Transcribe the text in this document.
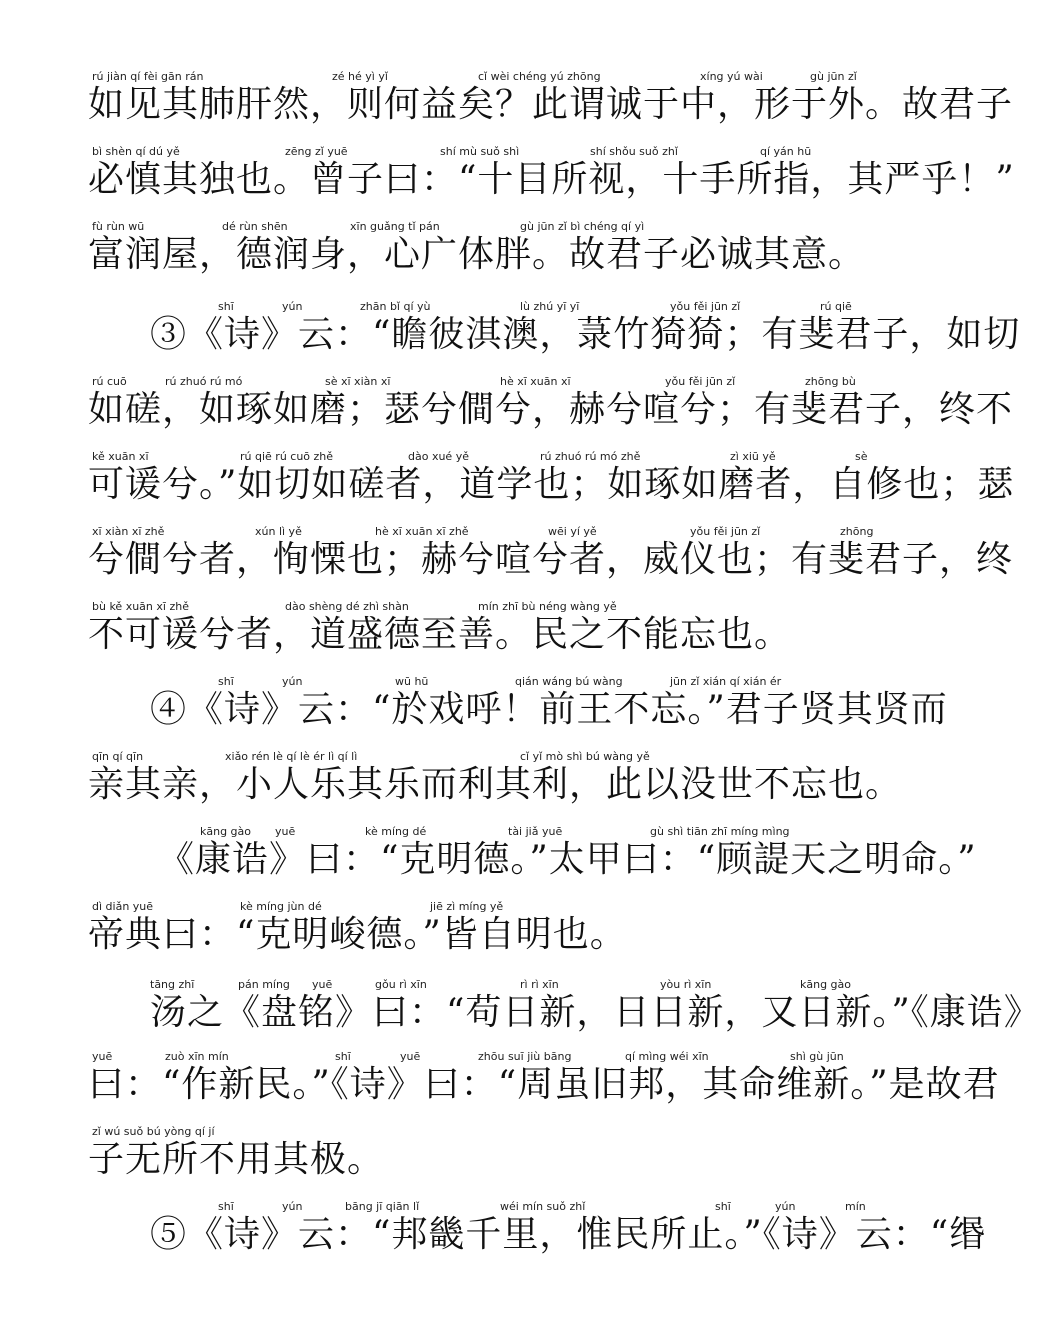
如见其肺肝然，则何益矣？此谓诚于中，形于外。故君子
必慎其独也。曾子曰：“十目所视，十手所指，其严乎！”
富润屋，德润身，心广体胖。故君子必诚其意。
③《诗》云：“瞻彼淇澳，菉竹猗猗；有斐君子，如切
如磋，如琢如磨；瑟兮僴兮，赫兮喧兮；有斐君子，终不
可谖兮。”如切如磋者，道学也；如琢如磨者，自修也；瑟
兮僴兮者，恂慄也；赫兮喧兮者，威仪也；有斐君子，终
不可谖兮者，道盛德至善。民之不能忘也。
④《诗》云：“於戏呼！前王不忘。”君子贤其贤而
亲其亲，小人乐其乐而利其利，此以没世不忘也。
《康诰》曰：“克明德。”太甲曰：“顾諟天之明命。”
帝典曰：“克明峻德。”皆自明也。
汤之《盘铭》曰：“苟日新，日日新，又日新。”《康诰》
曰：“作新民。”《诗》曰：“周虽旧邦，其命维新。”是故君
子无所不用其极。
⑤《诗》云：“邦畿千里，惟民所止。”《诗》云：“缗
rú jiàn qí fèi gān rán	zé hé yì yǐ	cǐ wèi chéng yú zhōng	xíng yú wài	gù jūn zǐ
bì shèn qí dú yě	zēng zǐ yuē	shí mù suǒ shì	shí shǒu suǒ zhǐ	qí yán hū
fù rùn wū	dé rùn shēn	xīn guǎng tǐ pán	gù jūn zǐ bì chéng qí yì
shī	yún	zhān bǐ qí yù	lù zhú yī yī	yǒu fěi jūn zǐ	rú qiē
rú cuō	rú zhuó rú mó	sè xī xiàn xī	hè xī xuān xī	yǒu fěi jūn zǐ	zhōng bù
kě xuān xī	rú qiē rú cuō zhě	dào xué yě	rú zhuó rú mó zhě	zì xiū yě	sè
xī xiàn xī zhě	xún lì yě	hè xī xuān xī zhě	wēi yí yě	yǒu fěi jūn zǐ	zhōng
bù kě xuān xī zhě	dào shèng dé zhì shàn	mín zhī bù néng wàng yě
shī	yún	wū hū	qián wáng bú wàng	jūn zǐ xián qí xián ér
qīn qí qīn	xiǎo rén lè qí lè ér lì qí lì	cǐ yǐ mò shì bú wàng yě
kāng gào yuē	kè míng dé	tài jiǎ yuē	gù shì tiān zhī míng mìng
dì diǎn yuē	kè míng jùn dé	jiē zì míng yě
tāng zhī	pán míng yuē	gǒu rì xīn	rì rì xīn	yòu rì xīn	kāng gào
yuē	zuò xīn mín	shī	yuē	zhōu suī jiù bāng	qí mìng wéi xīn	shì gù jūn
zǐ wú suǒ bú yòng qí jí
shī	yún	bāng jī qiān lǐ	wéi mín suǒ zhǐ	shī	yún	mín
